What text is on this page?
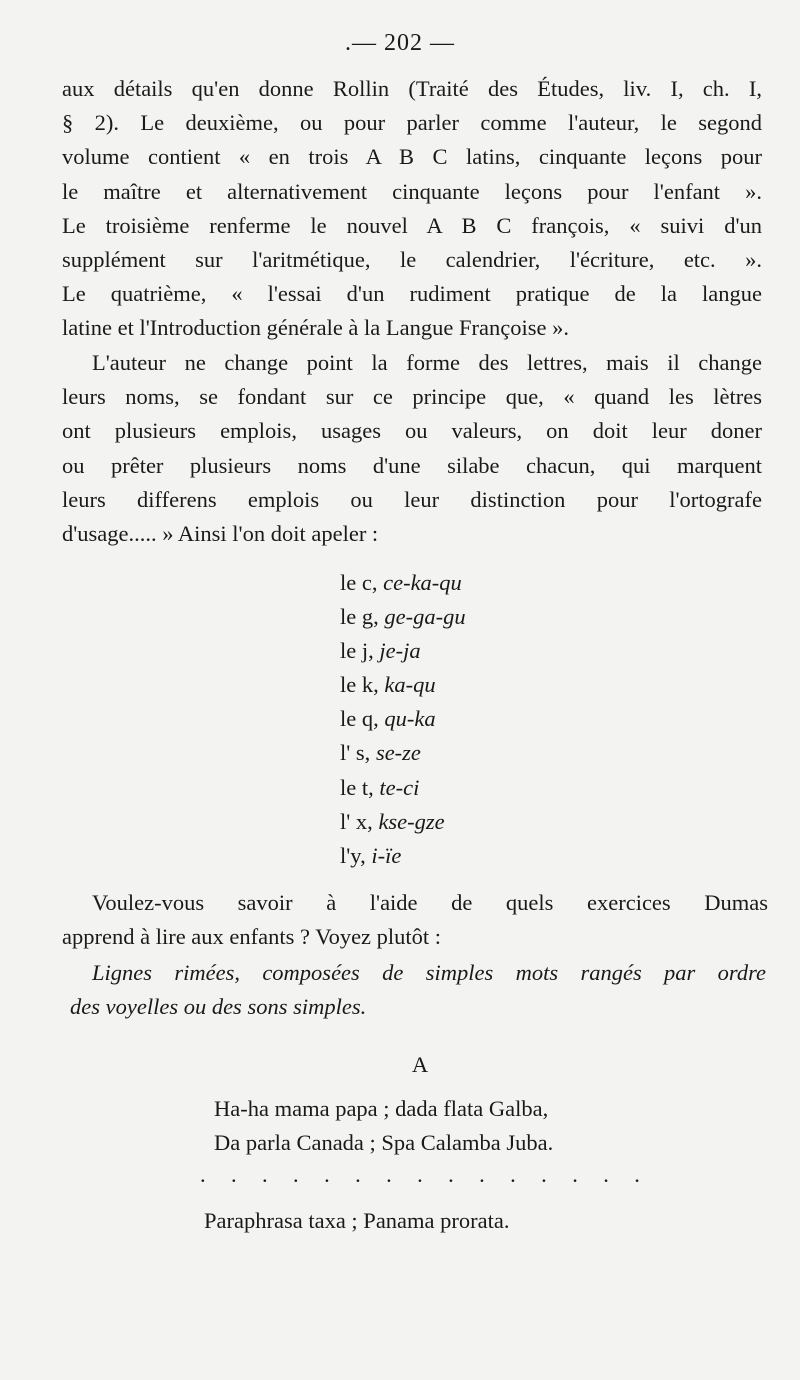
.— 202 —
aux détails qu'en donne Rollin (Traité des Études, liv. I, ch. I,
§ 2). Le deuxième, ou pour parler comme l'auteur, le segond
volume contient « en trois A B C latins, cinquante leçons pour
le maître et alternativement cinquante leçons pour l'enfant ».
Le troisième renferme le nouvel A B C françois, « suivi d'un
supplément sur l'aritmétique, le calendrier, l'écriture, etc. ».
Le quatrième, « l'essai d'un rudiment pratique de la langue
latine et l'Introduction générale à la Langue Françoise ».
L'auteur ne change point la forme des lettres, mais il change
leurs noms, se fondant sur ce principe que, « quand les lètres
ont plusieurs emplois, usages ou valeurs, on doit leur doner
ou prêter plusieurs noms d'une silabe chacun, qui marquent
leurs differens emplois ou leur distinction pour l'ortografe
d'usage..... » Ainsi l'on doit apeler :
le c, ce-ka-qu
le g, ge-ga-gu
le j, je-ja
le k, ka-qu
le q, qu-ka
l' s, se-ze
le t, te-ci
l' x, kse-gze
l'y, i-ïe
Voulez-vous savoir à l'aide de quels exercices Dumas
apprend à lire aux enfants ? Voyez plutôt :
Lignes rimées, composées de simples mots rangés par ordre
des voyelles ou des sons simples.
A
Ha-ha mama papa ; dada flata Galba,
Da parla Canada ; Spa Calamba Juba.
. . . . . . . . . . . . . . .
Paraphrasa taxa ; Panama prorata.
